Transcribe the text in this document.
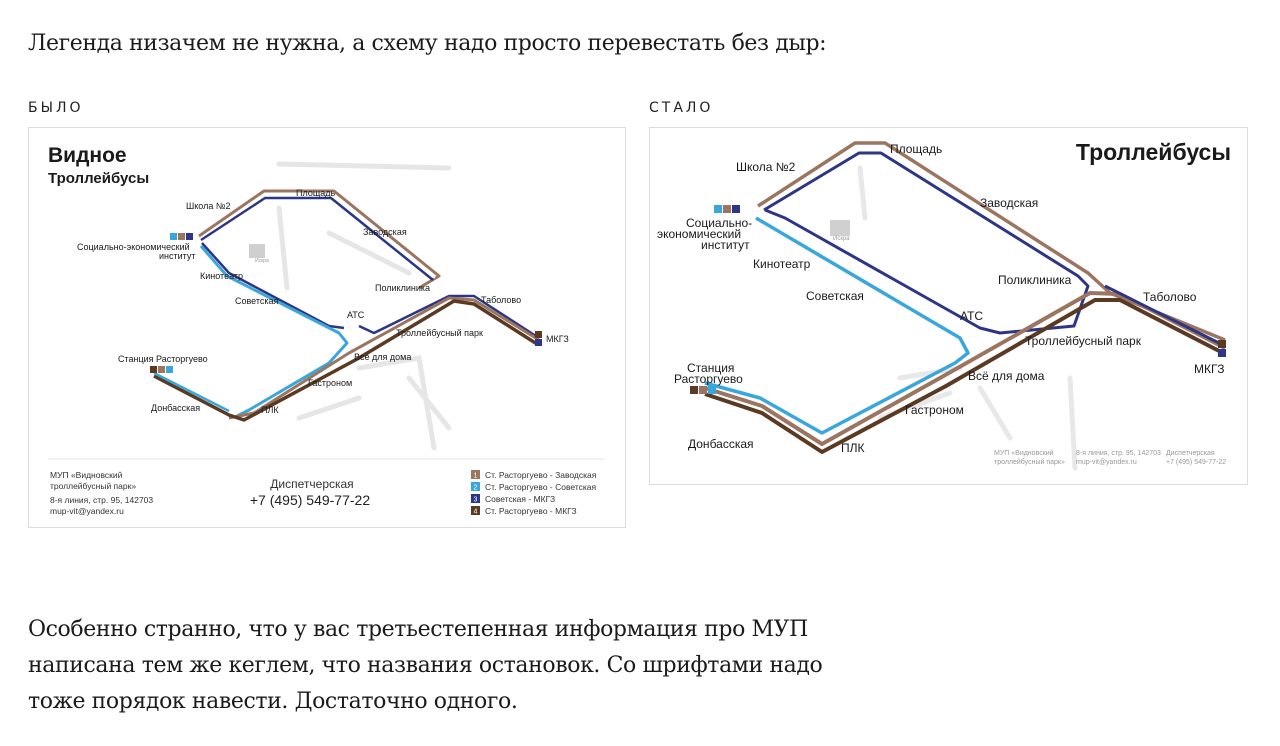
Легенда низачем не нужна, а схему надо просто перевестать без дыр:
БЫЛО	СТАЛО
Искра
Видное
Троллейбусы
Школа №2
Площадь
Заводская
Социально-экономический
институт
Кинотеатр
Советская
АТС
Поликлиника
Таболово
Троллейбусный парк
МКГЗ
Всё для дома
Гастроном
Станция Расторгуево
Донбасская	ПЛК
МУП «Видновский
троллейбусный парк»
8-я линия, стр. 95, 142703
mup-vit@yandex.ru
Диспетчерская
+7 (495) 549-77-22
1 Ст. Расторгуево - Заводская
2 Ст. Расторгуево - Советская
3 Советская - МКГЗ
4 Ст. Расторгуево - МКГЗ
Искра
Троллейбусы
Школа №2
Площадь
Заводская
Социально-
экономический
институт
Кинотеатр
Советская
АТС
Поликлиника
Таболово
Троллейбусный парк
МКГЗ
Всё для дома
Гастроном
Станция
Расторгуево
Донбасская	ПЛК	МУП «Видновский
троллейбусный парк»
8-я линия, стр. 95, 142703
mup-vit@yandex.ru
Диспетчерская
+7 (495) 549-77-22
Особенно странно, что у вас третьестепенная информация про МУП написана тем же кеглем, что названия остановок. Со шрифтами надо тоже порядок навести. Достаточно одного.
